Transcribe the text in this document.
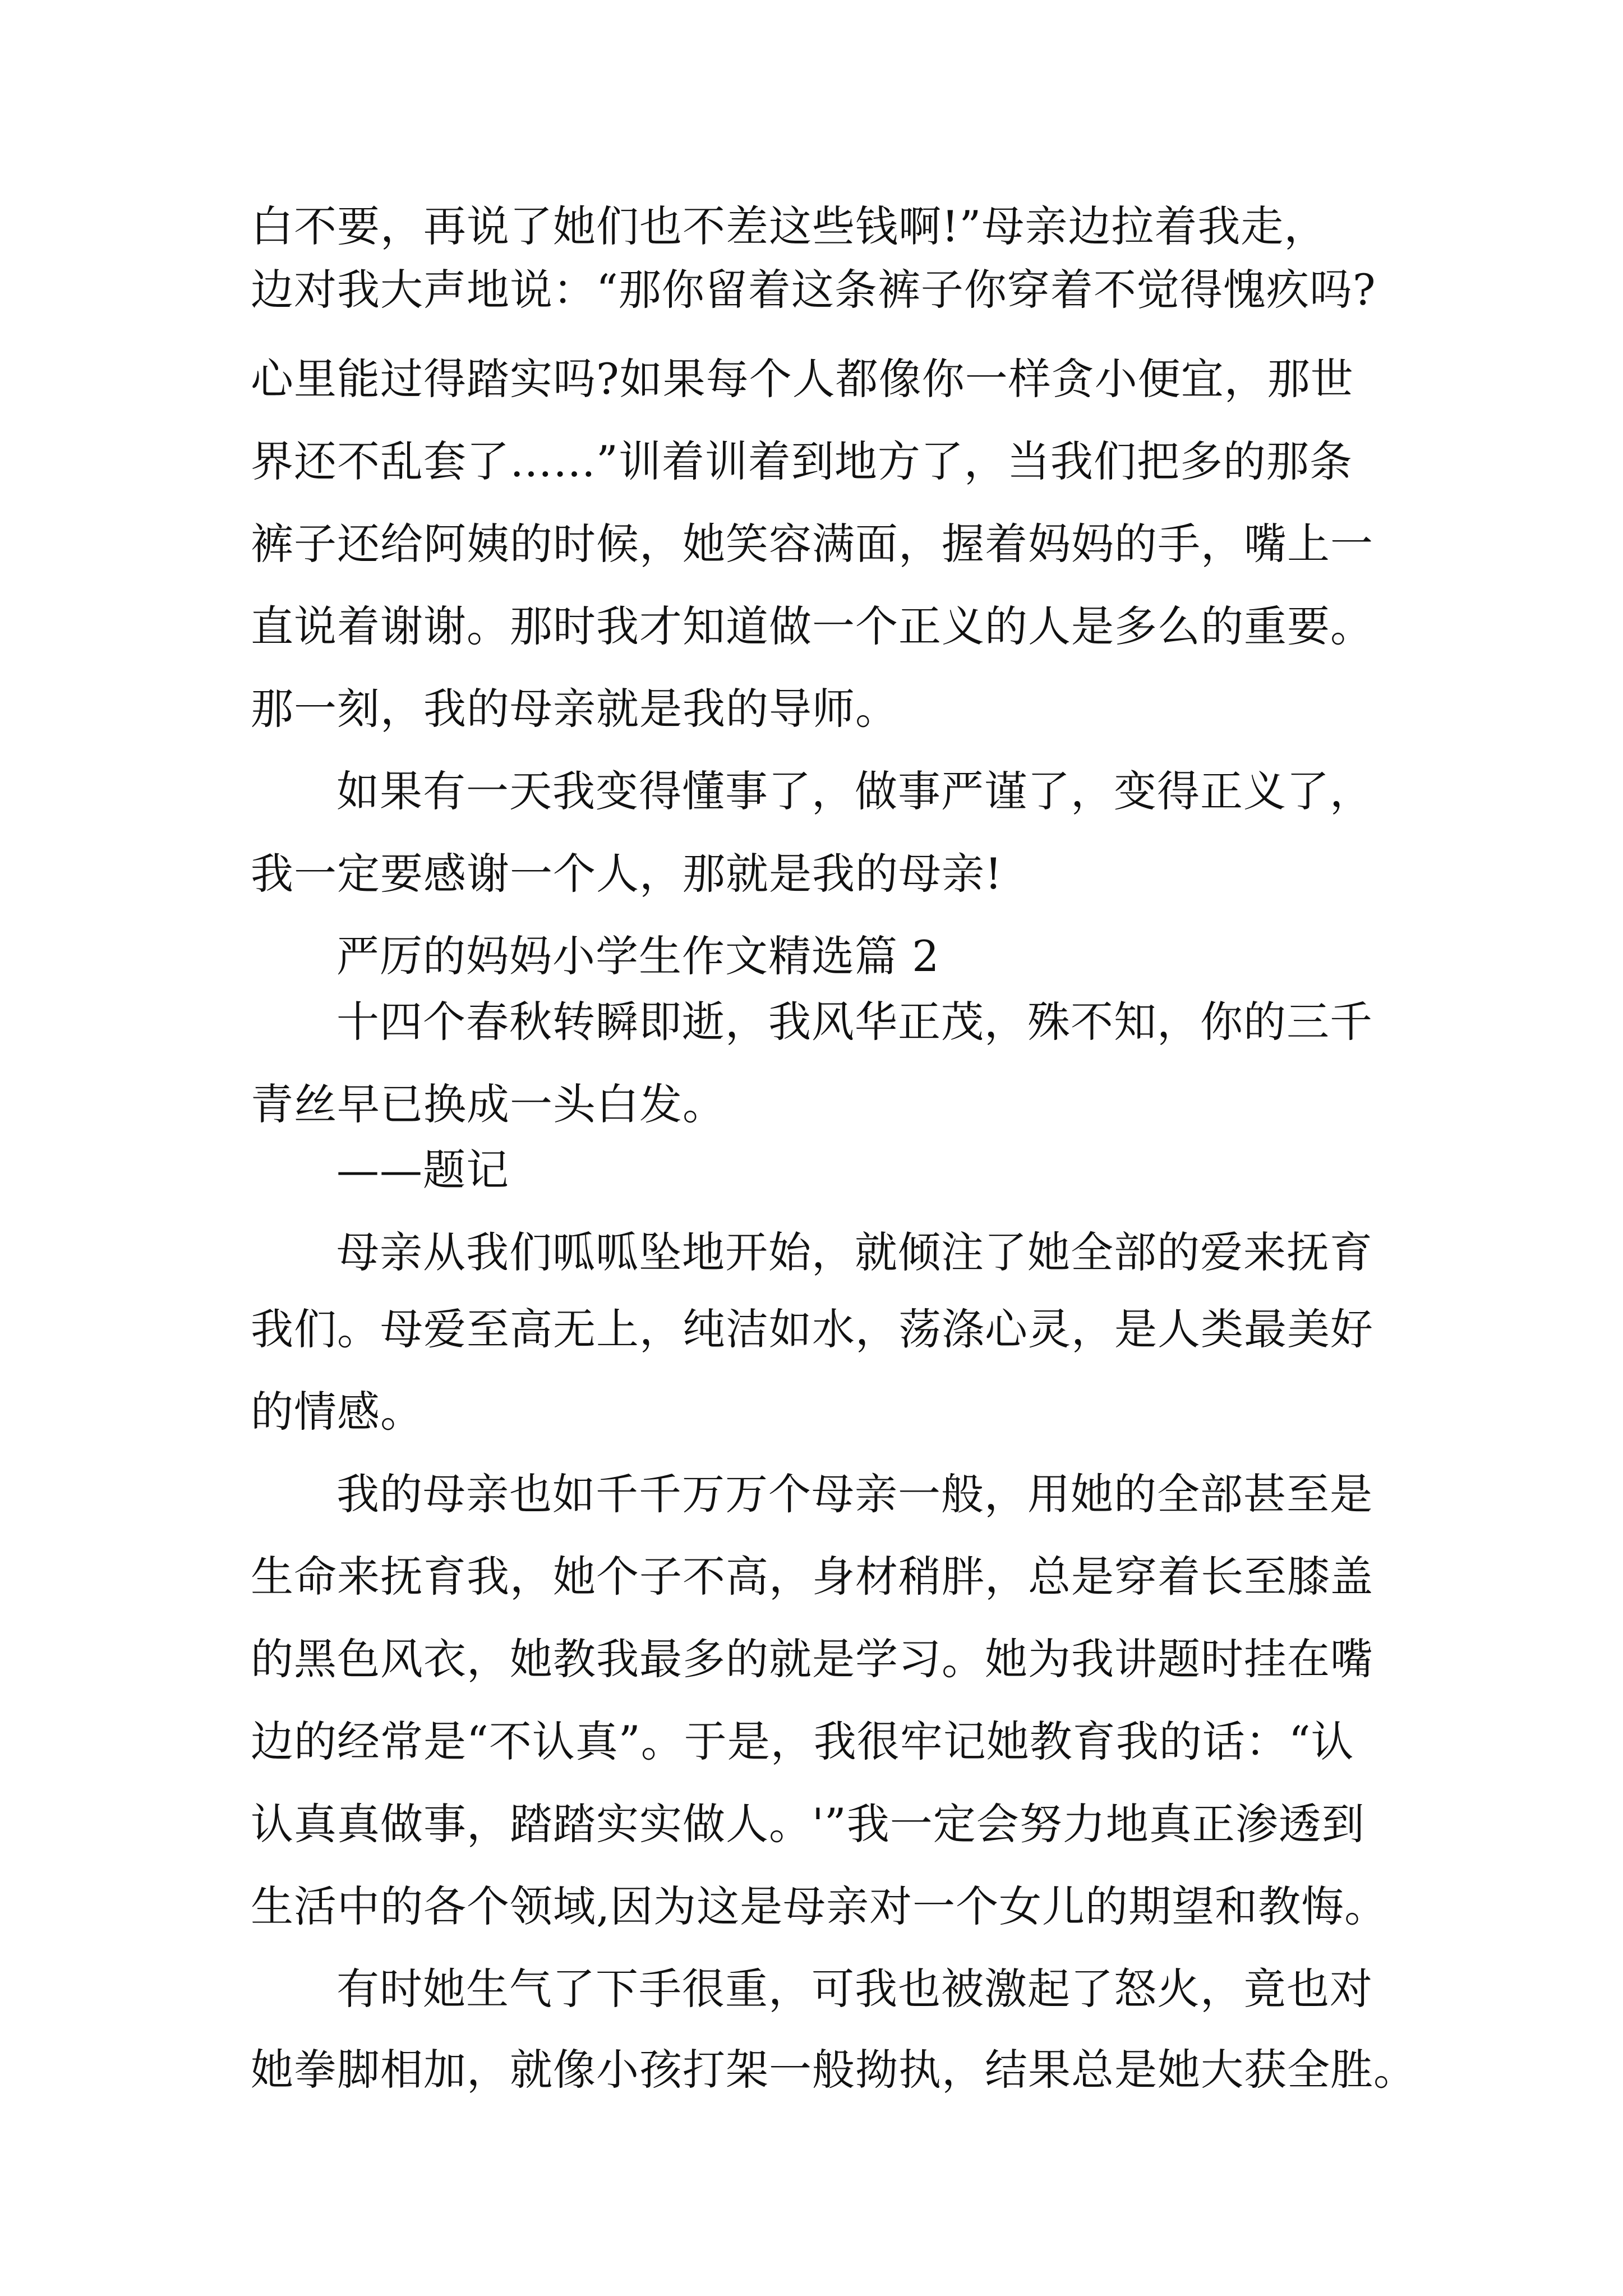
白不要，再说了她们也不差这些钱啊!”母亲边拉着我走，
边对我大声地说：“那你留着这条裤子你穿着不觉得愧疚吗?
心里能过得踏实吗?如果每个人都像你一样贪小便宜，那世
界还不乱套了……”训着训着到地方了，当我们把多的那条
裤子还给阿姨的时候，她笑容满面，握着妈妈的手，嘴上一
直说着谢谢。那时我才知道做一个正义的人是多么的重要。
那一刻，我的母亲就是我的导师。
如果有一天我变得懂事了，做事严谨了，变得正义了，
我一定要感谢一个人，那就是我的母亲!
严厉的妈妈小学生作文精选篇 2
十四个春秋转瞬即逝，我风华正茂，殊不知，你的三千
青丝早已换成一头白发。
——题记
母亲从我们呱呱坠地开始，就倾注了她全部的爱来抚育
我们。母爱至高无上，纯洁如水，荡涤心灵，是人类最美好
的情感。
我的母亲也如千千万万个母亲一般，用她的全部甚至是
生命来抚育我，她个子不高，身材稍胖，总是穿着长至膝盖
的黑色风衣，她教我最多的就是学习。她为我讲题时挂在嘴
边的经常是“不认真”。于是，我很牢记她教育我的话：“认
认真真做事，踏踏实实做人。'”我一定会努力地真正渗透到
生活中的各个领域,因为这是母亲对一个女儿的期望和教悔。
有时她生气了下手很重，可我也被激起了怒火，竟也对
她拳脚相加，就像小孩打架一般拗执，结果总是她大获全胜。
